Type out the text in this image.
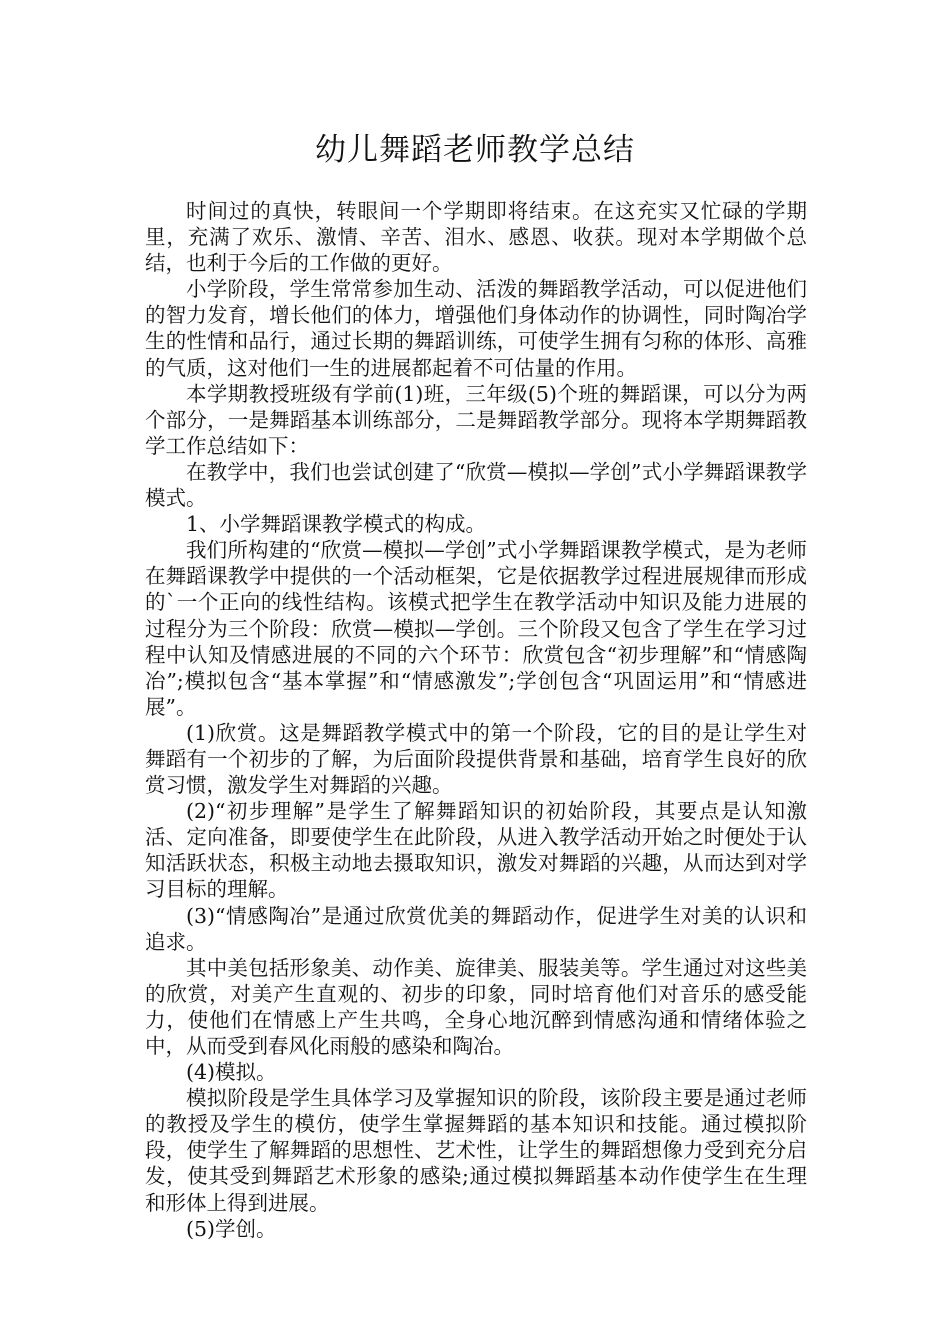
幼儿舞蹈老师教学总结

时间过的真快，转眼间一个学期即将结束。在这充实又忙碌的学期里，充满了欢乐、激情、辛苦、泪水、感恩、收获。现对本学期做个总结，也利于今后的工作做的更好。

小学阶段，学生常常参加生动、活泼的舞蹈教学活动，可以促进他们的智力发育，增长他们的体力，增强他们身体动作的协调性，同时陶冶学生的性情和品行，通过长期的舞蹈训练，可使学生拥有匀称的体形、高雅的气质，这对他们一生的进展都起着不可估量的作用。

本学期教授班级有学前(1)班，三年级(5)个班的舞蹈课，可以分为两个部分，一是舞蹈基本训练部分，二是舞蹈教学部分。现将本学期舞蹈教学工作总结如下：

在教学中，我们也尝试创建了“欣赏—模拟—学创”式小学舞蹈课教学模式。

1、小学舞蹈课教学模式的构成。

我们所构建的“欣赏—模拟—学创”式小学舞蹈课教学模式，是为老师在舞蹈课教学中提供的一个活动框架，它是依据教学过程进展规律而形成的`一个正向的线性结构。该模式把学生在教学活动中知识及能力进展的过程分为三个阶段：欣赏—模拟—学创。三个阶段又包含了学生在学习过程中认知及情感进展的不同的六个环节：欣赏包含“初步理解”和“情感陶冶”;模拟包含“基本掌握”和“情感激发”;学创包含“巩固运用”和“情感进展”。

(1)欣赏。这是舞蹈教学模式中的第一个阶段，它的目的是让学生对舞蹈有一个初步的了解，为后面阶段提供背景和基础，培育学生良好的欣赏习惯，激发学生对舞蹈的兴趣。

(2)“初步理解”是学生了解舞蹈知识的初始阶段，其要点是认知激活、定向准备，即要使学生在此阶段，从进入教学活动开始之时便处于认知活跃状态，积极主动地去摄取知识，激发对舞蹈的兴趣，从而达到对学习目标的理解。

(3)“情感陶冶”是通过欣赏优美的舞蹈动作，促进学生对美的认识和追求。

其中美包括形象美、动作美、旋律美、服装美等。学生通过对这些美的欣赏，对美产生直观的、初步的印象，同时培育他们对音乐的感受能力，使他们在情感上产生共鸣，全身心地沉醉到情感沟通和情绪体验之中，从而受到春风化雨般的感染和陶冶。

(4)模拟。

模拟阶段是学生具体学习及掌握知识的阶段，该阶段主要是通过老师的教授及学生的模仿，使学生掌握舞蹈的基本知识和技能。通过模拟阶段，使学生了解舞蹈的思想性、艺术性，让学生的舞蹈想像力受到充分启发，使其受到舞蹈艺术形象的感染;通过模拟舞蹈基本动作使学生在生理和形体上得到进展。

(5)学创。
